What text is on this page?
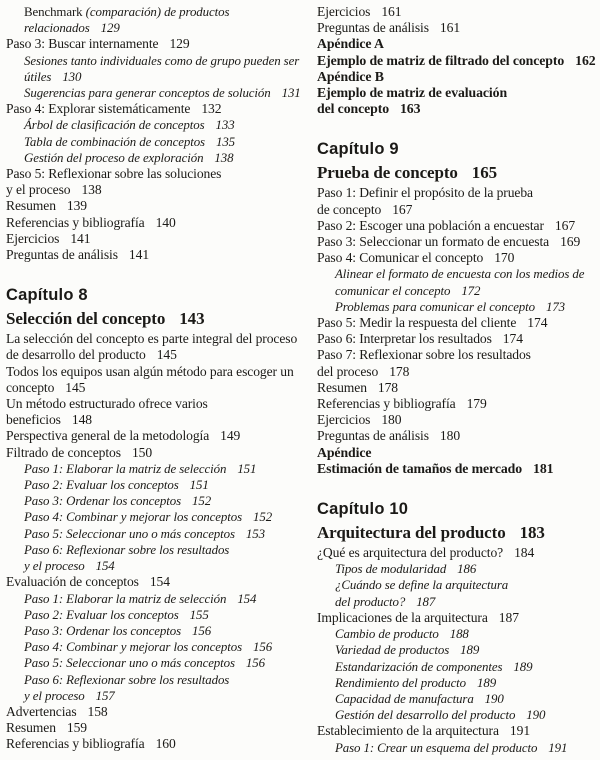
Benchmark (comparación) de productos
relacionados 129
Paso 3: Buscar internamente 129
Sesiones tanto individuales como de grupo pueden ser
útiles 130
Sugerencias para generar conceptos de solución 131
Paso 4: Explorar sistemáticamente 132
Árbol de clasificación de conceptos 133
Tabla de combinación de conceptos 135
Gestión del proceso de exploración 138
Paso 5: Reflexionar sobre las soluciones
y el proceso 138
Resumen 139
Referencias y bibliografía 140
Ejercicios 141
Preguntas de análisis 141
Capítulo 8
Selección del concepto 143
La selección del concepto es parte integral del proceso
de desarrollo del producto 145
Todos los equipos usan algún método para escoger un
concepto 145
Un método estructurado ofrece varios
beneficios 148
Perspectiva general de la metodología 149
Filtrado de conceptos 150
Paso 1: Elaborar la matriz de selección 151
Paso 2: Evaluar los conceptos 151
Paso 3: Ordenar los conceptos 152
Paso 4: Combinar y mejorar los conceptos 152
Paso 5: Seleccionar uno o más conceptos 153
Paso 6: Reflexionar sobre los resultados
y el proceso 154
Evaluación de conceptos 154
Paso 1: Elaborar la matriz de selección 154
Paso 2: Evaluar los conceptos 155
Paso 3: Ordenar los conceptos 156
Paso 4: Combinar y mejorar los conceptos 156
Paso 5: Seleccionar uno o más conceptos 156
Paso 6: Reflexionar sobre los resultados
y el proceso 157
Advertencias 158
Resumen 159
Referencias y bibliografía 160
Ejercicios 161
Preguntas de análisis 161
Apéndice A
Ejemplo de matriz de filtrado del concepto 162
Apéndice B
Ejemplo de matriz de evaluación
del concepto 163
Capítulo 9
Prueba de concepto 165
Paso 1: Definir el propósito de la prueba
de concepto 167
Paso 2: Escoger una población a encuestar 167
Paso 3: Seleccionar un formato de encuesta 169
Paso 4: Comunicar el concepto 170
Alinear el formato de encuesta con los medios de
comunicar el concepto 172
Problemas para comunicar el concepto 173
Paso 5: Medir la respuesta del cliente 174
Paso 6: Interpretar los resultados 174
Paso 7: Reflexionar sobre los resultados
del proceso 178
Resumen 178
Referencias y bibliografía 179
Ejercicios 180
Preguntas de análisis 180
Apéndice
Estimación de tamaños de mercado 181
Capítulo 10
Arquitectura del producto 183
¿Qué es arquitectura del producto? 184
Tipos de modularidad 186
¿Cuándo se define la arquitectura
del producto? 187
Implicaciones de la arquitectura 187
Cambio de producto 188
Variedad de productos 189
Estandarización de componentes 189
Rendimiento del producto 189
Capacidad de manufactura 190
Gestión del desarrollo del producto 190
Establecimiento de la arquitectura 191
Paso 1: Crear un esquema del producto 191
